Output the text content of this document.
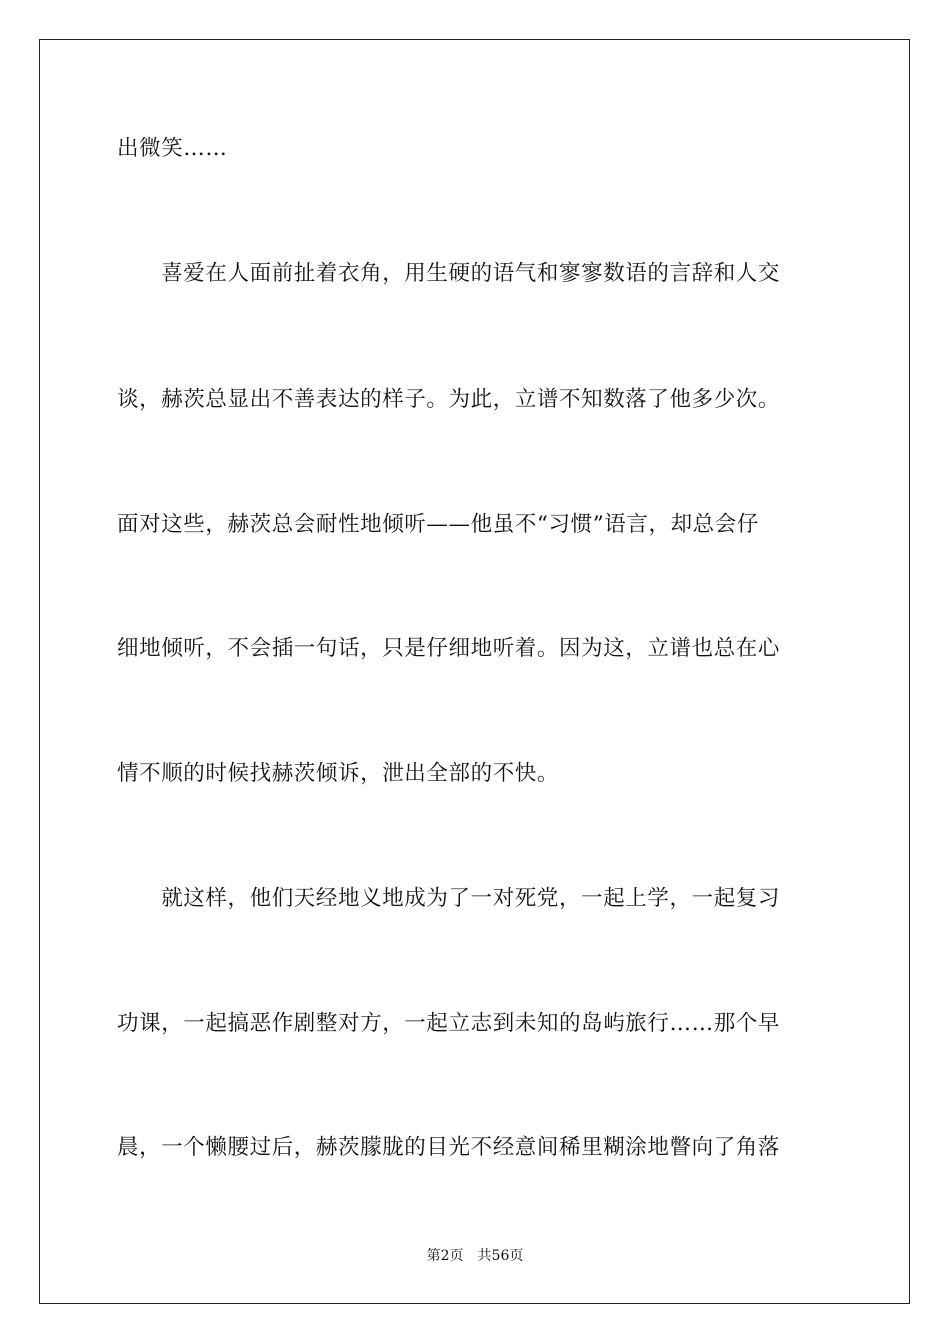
出微笑……
　　喜爱在人面前扯着衣角，用生硬的语气和寥寥数语的言辞和人交
谈，赫茨总显出不善表达的样子。为此，立谱不知数落了他多少次。
面对这些，赫茨总会耐性地倾听——他虽不“习惯”语言，却总会仔
细地倾听，不会插一句话，只是仔细地听着。因为这，立谱也总在心
情不顺的时候找赫茨倾诉，泄出全部的不快。
　　就这样，他们天经地义地成为了一对死党，一起上学，一起复习
功课，一起搞恶作剧整对方，一起立志到未知的岛屿旅行……那个早
晨，一个懒腰过后，赫茨朦胧的目光不经意间稀里糊涂地瞥向了角落
第2页　共56页
